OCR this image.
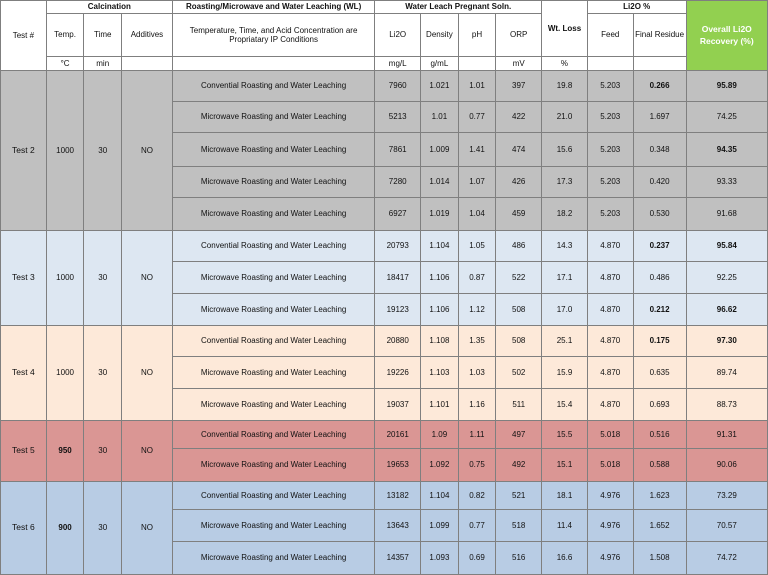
Test #	Calcination			Roasting/Microwave and Water Leaching (WL)	Water Leach Pregnant Soln.				Wt. Loss	Li2O %		Overall Li2O Recovery (%)
	Temp.	Time	Additives	Temperature, Time, and Acid Concentration are Propriatary IP Conditions	Li2O	Density	pH	ORP		Feed	Final Residue	
	°C	min			mg/L	g/mL		mV	%			
Test 2	1000	30	NO	Convential Roasting and Water Leaching	7960	1.021	1.01	397	19.8	5.203	0.266	95.89
				Microwave Roasting and Water Leaching	5213	1.01	0.77	422	21.0	5.203	1.697	74.25
				Microwave Roasting and Water Leaching	7861	1.009	1.41	474	15.6	5.203	0.348	94.35
				Microwave Roasting and Water Leaching	7280	1.014	1.07	426	17.3	5.203	0.420	93.33
				Microwave Roasting and Water Leaching	6927	1.019	1.04	459	18.2	5.203	0.530	91.68
Test 3	1000	30	NO	Convential Roasting and Water Leaching	20793	1.104	1.05	486	14.3	4.870	0.237	95.84
				Microwave Roasting and Water Leaching	18417	1.106	0.87	522	17.1	4.870	0.486	92.25
				Microwave Roasting and Water Leaching	19123	1.106	1.12	508	17.0	4.870	0.212	96.62
Test 4	1000	30	NO	Convential Roasting and Water Leaching	20880	1.108	1.35	508	25.1	4.870	0.175	97.30
				Microwave Roasting and Water Leaching	19226	1.103	1.03	502	15.9	4.870	0.635	89.74
				Microwave Roasting and Water Leaching	19037	1.101	1.16	511	15.4	4.870	0.693	88.73
Test 5	950	30	NO	Convential Roasting and Water Leaching	20161	1.09	1.11	497	15.5	5.018	0.516	91.31
				Microwave Roasting and Water Leaching	19653	1.092	0.75	492	15.1	5.018	0.588	90.06
Test 6	900	30	NO	Convential Roasting and Water Leaching	13182	1.104	0.82	521	18.1	4.976	1.623	73.29
				Microwave Roasting and Water Leaching	13643	1.099	0.77	518	11.4	4.976	1.652	70.57
				Microwave Roasting and Water Leaching	14357	1.093	0.69	516	16.6	4.976	1.508	74.72
